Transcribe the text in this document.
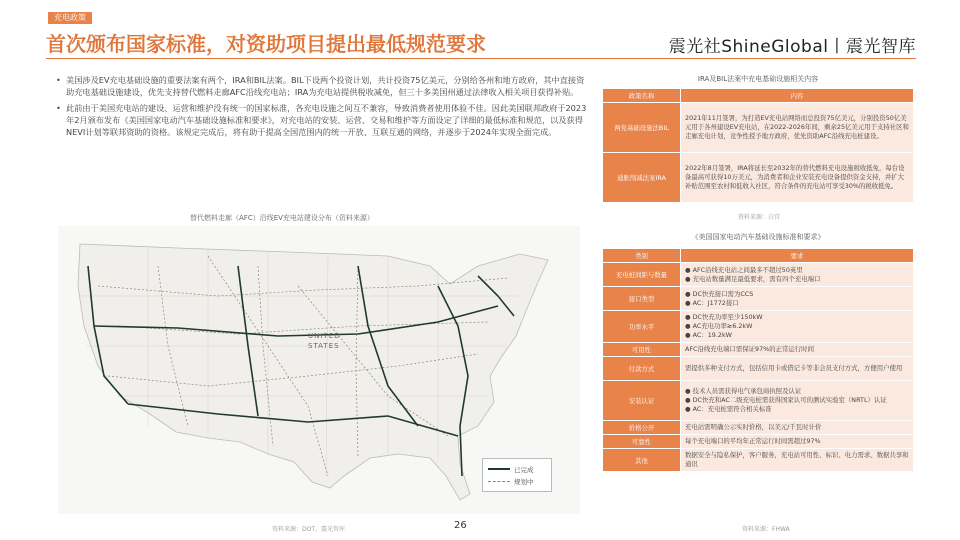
充电政策
首次颁布国家标准，对资助项目提出最低规范要求	震光社ShineGlobal丨震光智库
• 美国涉及EV充电基础设施的重要法案有两个，IRA和BIL法案。BIL下设两个投资计划，共计投资75亿美元，分别给各州和地方政府，其中直接资助充电基础设施建设，优先支持替代燃料走廊AFC沿线充电站；IRA为充电站提供税收减免，但三十多美国州通过法律收入相关项目获得补贴。
• 此前由于美国充电站的建设、运营和维护没有统一的国家标准，各充电设施之间互不兼容，导致消费者使用体验不佳。因此美国联邦政府于2023年2月颁布发布《美国国家电动汽车基础设施标准和要求》，对充电站的安装、运营、交易和维护等方面设定了详细的最低标准和规范，以及获得NEVI计划等联邦资助的资格。该规定完成后，将有助于提高全国范围内的统一开放、互联互通的网络，并逐步于2024年实现全面完成。
替代燃料走廊（AFC）沿线EV充电站建设分布（资料来源）
UNITED
STATES
已完成
规划中
IRA及BIL法案中充电基础设施相关内容
政策名称	内容
两党基础设施法BIL	2021年11月签署，为打造EV充电站网络而总投资75亿美元，分别投资50亿美元用于各州建设EV充电站，在2022-2026年间，剩余25亿美元用于支持社区和走廊充电计划，竞争性授予地方政府，优先资助AFC沿线充电桩建设。
通胀削减法案IRA	2022年8月签署，IRA将延长至2032年的替代燃料充电设施税收抵免，每台设备最高可获得10万美元，为消费者和企业安装充电设备提供资金支持，并扩大补贴范围至农村和低收入社区，符合条件的充电站可享受30%的税收抵免。
资料来源：白宫
《美国国家电动汽车基础设施标准和要求》
类别	要求
充电桩间距与数量	● AFC沿线充电站之间最多不超过50英里
● 充电站数量满足最低要求，需有四个充电端口

接口类型	● DC快充接口需为CCS
● AC：J1772接口

功率水平	● DC快充功率至少150kW
● AC充电功率≥6.2kW
● AC：19.2kW

可用性	AFC沿线充电端口需保证97%的正常运行时间

付款方式	需提供多种支付方式，包括信用卡或借记卡等非会员支付方式，方便用户使用

安装认证	● 技术人员需获得电气承包商执照及认证
● DC快充和AC二级充电桩需获得国家认可的测试实验室（NRTL）认证
● AC：充电桩需符合相关标准

价格公开	充电站需明确公示实时价格，以美元/千瓦时计价

可靠性	每个充电端口的平均年正常运行时间需超过97%

其他	数据安全与隐私保护，客户服务，充电站可用性、标识、电力需求、数据共享和通讯
资料来源：FHWA
资料来源：DOT、震光智库	26
